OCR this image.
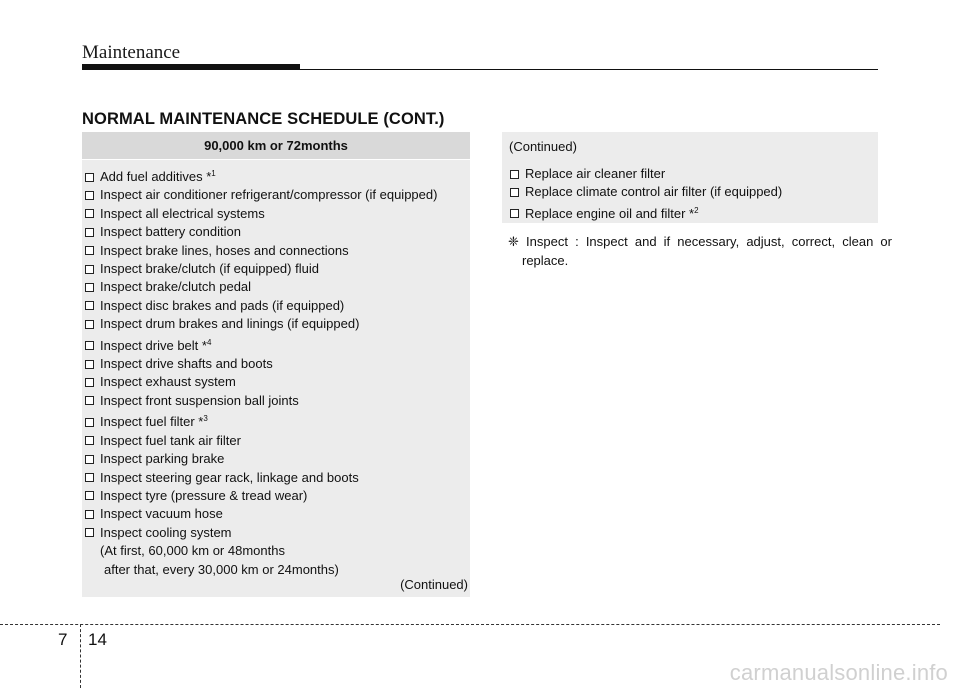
Maintenance
NORMAL MAINTENANCE SCHEDULE (CONT.)
90,000 km or 72months
Add fuel additives *$^1$
Inspect air conditioner refrigerant/compressor (if equipped)
Inspect all electrical systems
Inspect battery condition
Inspect brake lines, hoses and connections
Inspect brake/clutch (if equipped) fluid
Inspect brake/clutch pedal
Inspect disc brakes and pads (if equipped)
Inspect drum brakes and linings (if equipped)
Inspect drive belt *$^4$
Inspect drive shafts and boots
Inspect exhaust system
Inspect front suspension ball joints
Inspect fuel filter *$^3$
Inspect fuel tank air filter
Inspect parking brake
Inspect steering gear rack, linkage and boots
Inspect tyre (pressure & tread wear)
Inspect vacuum hose
Inspect cooling system
(At first, 60,000 km or 48months
after that, every 30,000 km or 24months)
(Continued)
(Continued)
Replace air cleaner filter
Replace climate control air filter (if equipped)
Replace engine oil and filter *$^2$
❈ Inspect : Inspect and if necessary, adjust, correct, clean or replace.
7 14
carmanualsonline.info
